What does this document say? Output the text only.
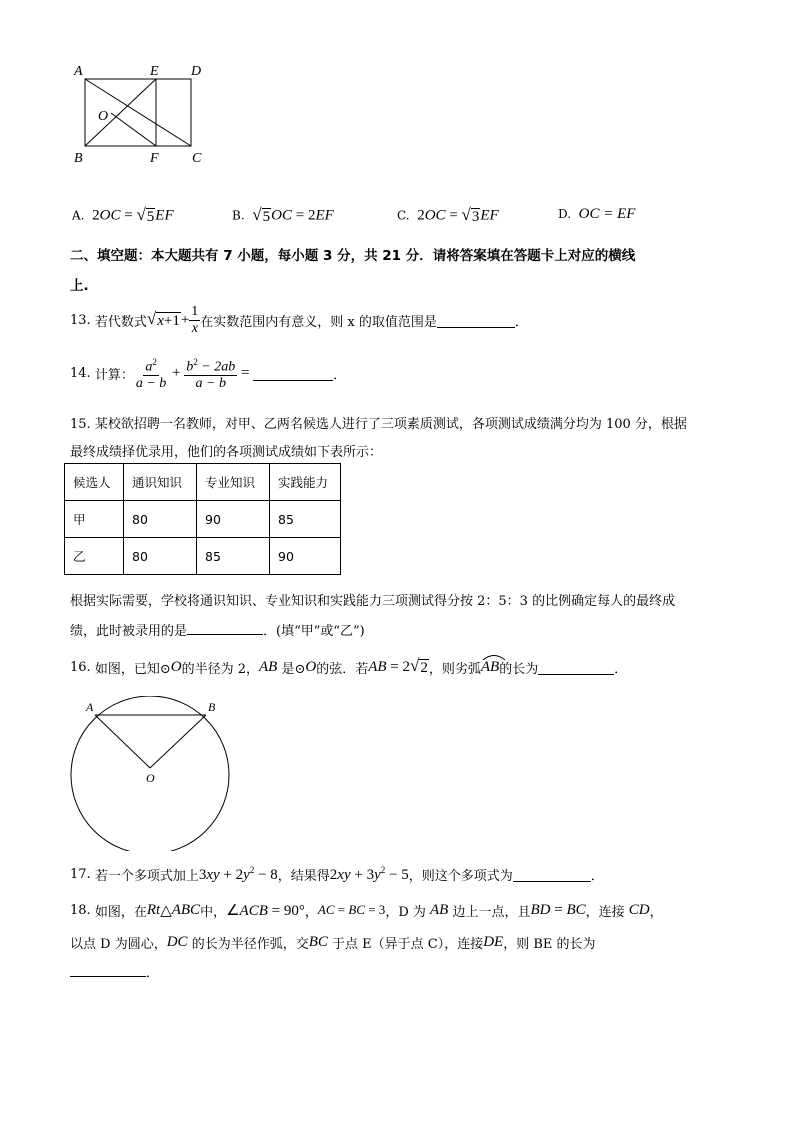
A	E D
O
B	F C
A. 2OC = √ 5 EF	B. √ 5 OC = 2EF	C. 2OC = √ 3 EF	D. OC = EF
二、填空题：本大题共有 7 小题，每小题 3 分，共 21 分．请将答案填在答题卡上对应的横线
上.
13.
若代数式 √ $x+1 + \frac{1}{x}$ 在实数范围内有意义，则 x 的取值范围是	．
14.
计算： $\frac{a^2}{a - b} + \frac{b^2 - 2ab}{a - b}$ =	．
15. 某校欲招聘一名教师，对甲、乙两名候选人进行了三项素质测试，各项测试成绩满分均为 100 分，根据
最终成绩择优录用，他们的各项测试成绩如下表所示：
候选人	通识知识	专业知识	实践能力
甲	80	90	85
乙	80	85	90
根据实际需要，学校将通识知识、专业知识和实践能力三项测试得分按 2：5：3 的比例确定每人的最终成
绩，此时被录用的是	．(填“甲”或“乙”)
16.
如图，已知⊙ O 的半径为 2， AB
是⊙ O 的弦．若 AB = 2 √ 2 ，则劣弧 AB 的长为	．
A	B
O
17.
若一个多项式加上 $3xy + 2y^2 - 8$ ，结果得 $2xy + 3y^2 - 5$ ，则这个多项式为	．
18.
如图，在 Rt △ ABC 中， ∠ACB = 90° ， AC = BC = 3 ，D 为
AB
边上一点，且 BD = BC ，连接
CD ，
以点 D 为圆心， DC
的长为半径作弧，交 BC
于点 E（异于点 C），连接 DE ，则 BE 的长为
．
